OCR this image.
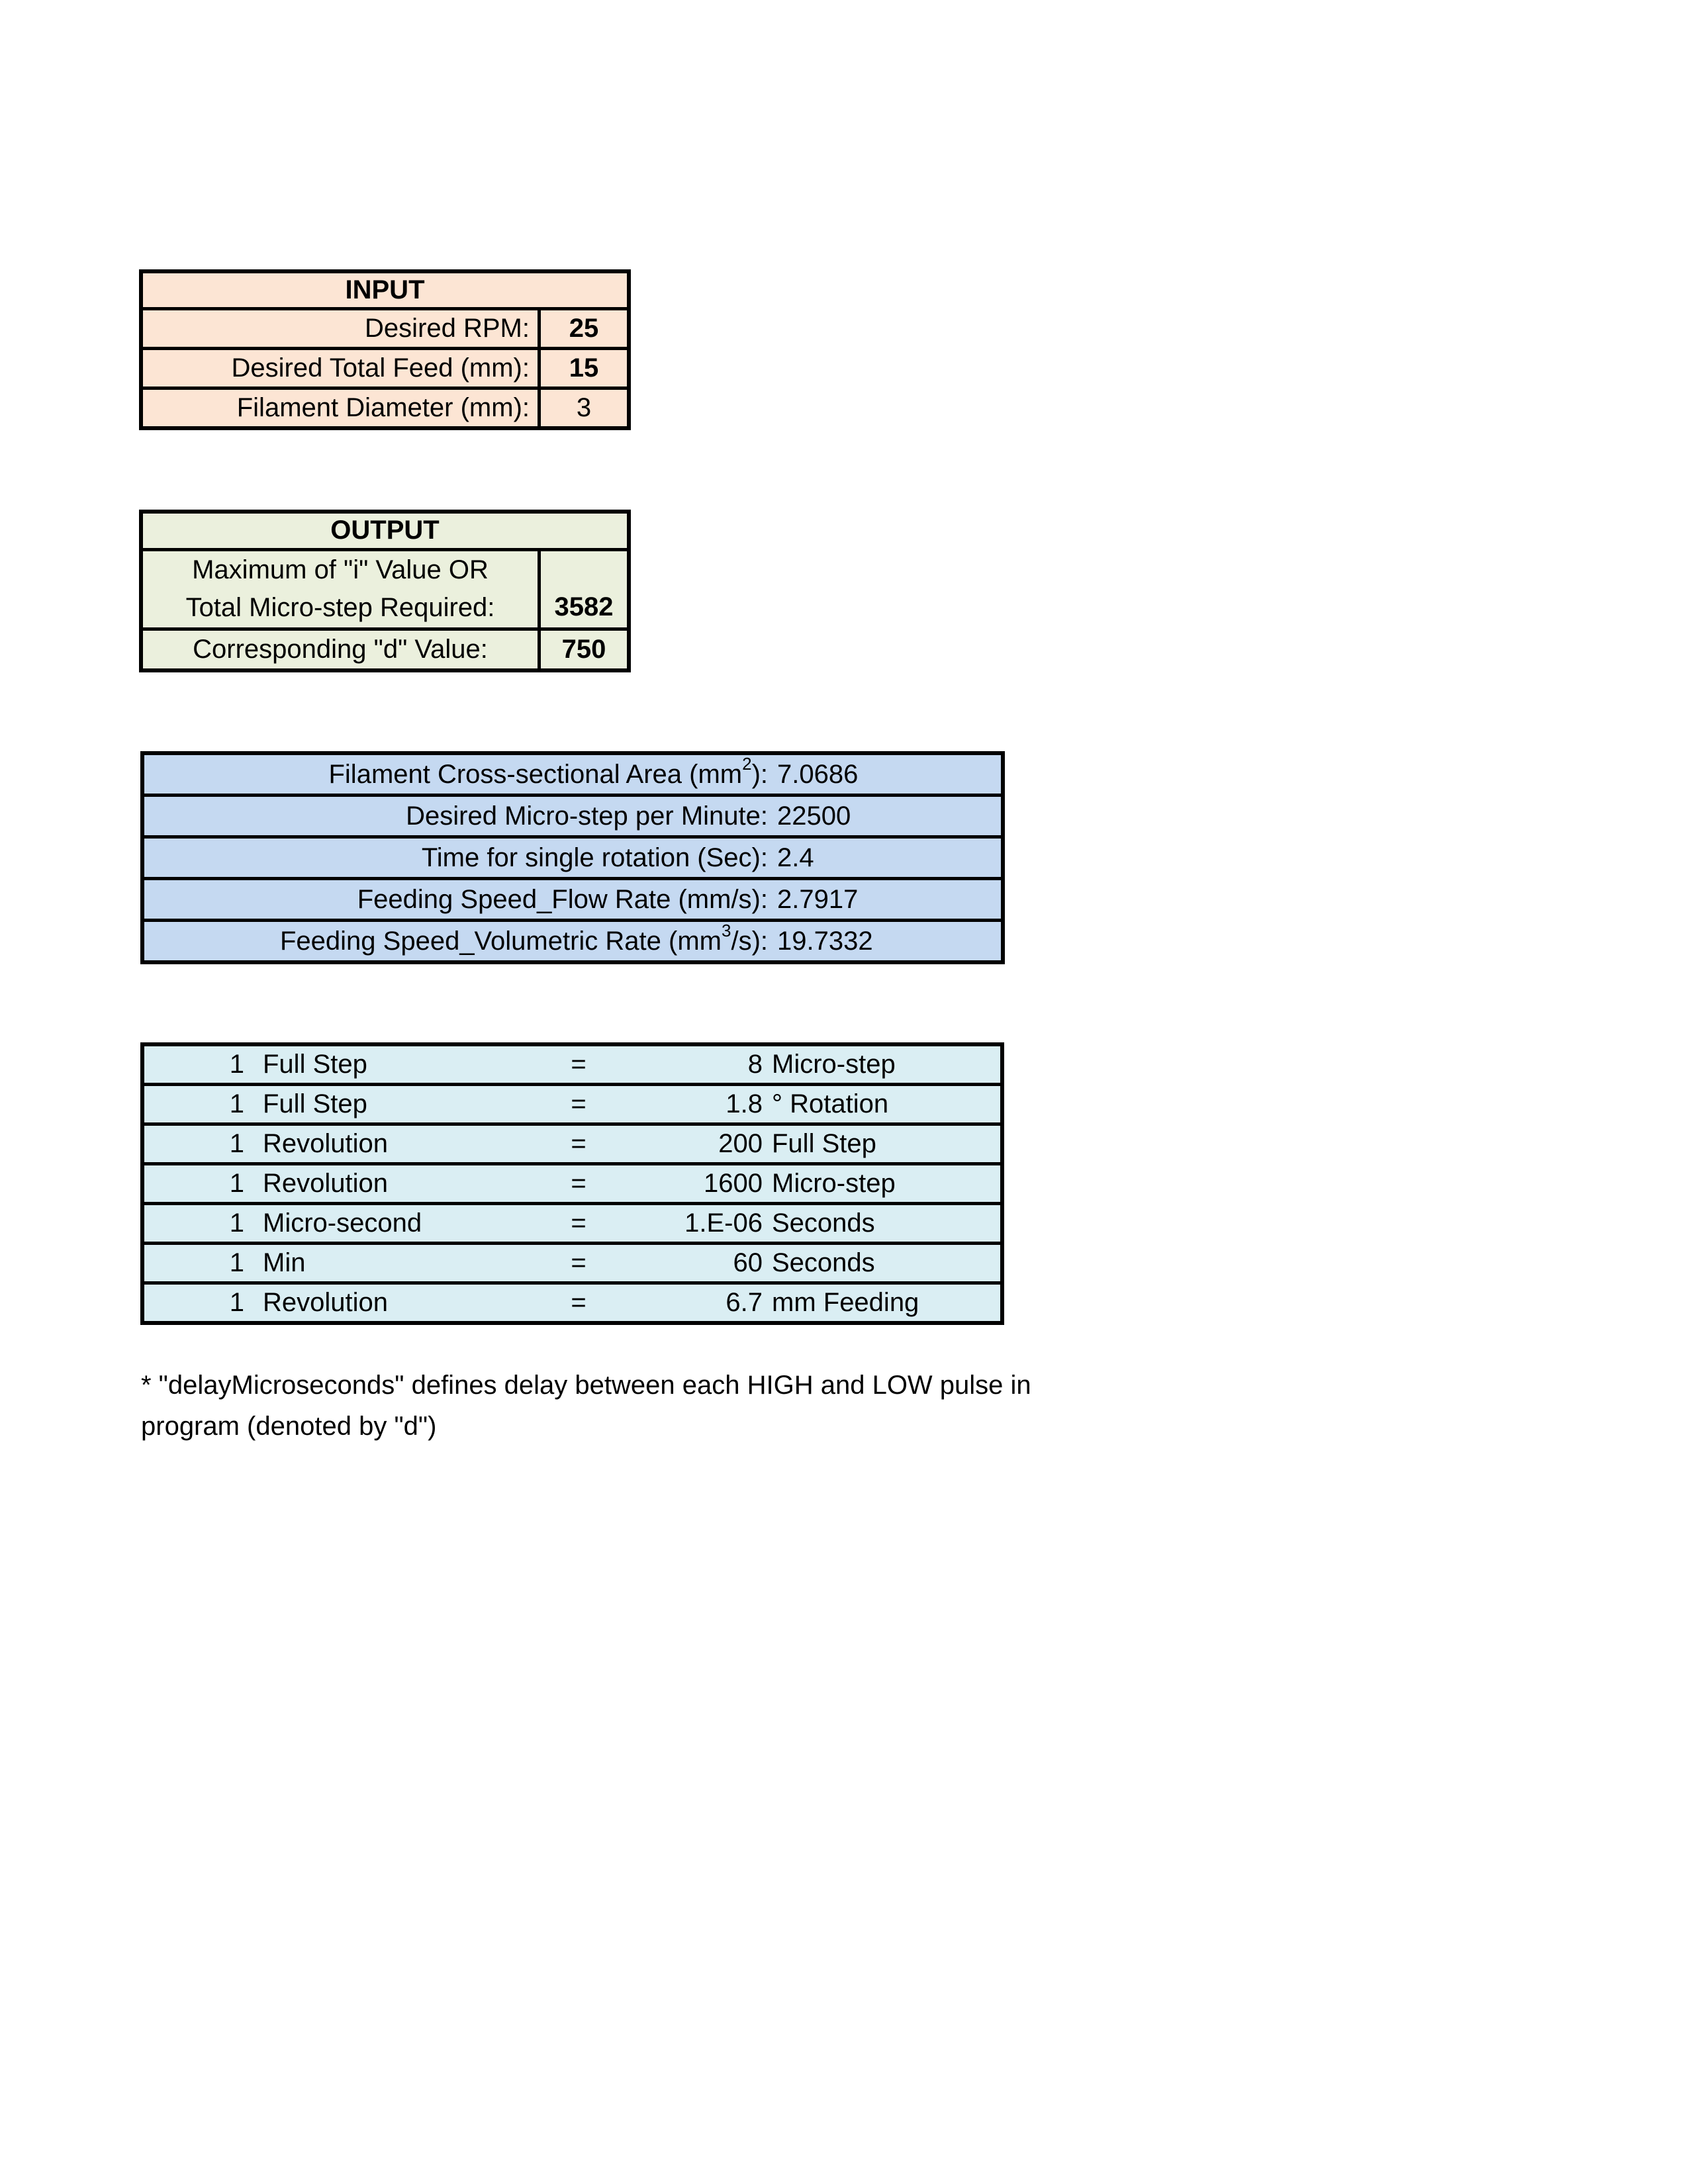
INPUT
Desired RPM:	25
Desired Total Feed (mm):	15
Filament Diameter (mm):	3
OUTPUT
Maximum of "i" Value OR
Total Micro-step Required:	3582
Corresponding "d" Value:	750
Filament Cross-sectional Area (mm 2 ): 7.0686
Desired Micro-step per Minute: 22500
Time for single rotation (Sec): 2.4
Feeding Speed_Flow Rate (mm/s): 2.7917
Feeding Speed_Volumetric Rate (mm 3 /s): 19.7332
1 Full Step	=	8 Micro-step
1 Full Step	=	1.8 ° Rotation
1 Revolution	=	200 Full Step
1 Revolution	=	1600 Micro-step
1 Micro-second	=	1.E-06 Seconds
1 Min	=	60 Seconds
1 Revolution	=	6.7 mm Feeding
* "delayMicroseconds" defines delay between each HIGH and LOW pulse in
program (denoted by "d")
